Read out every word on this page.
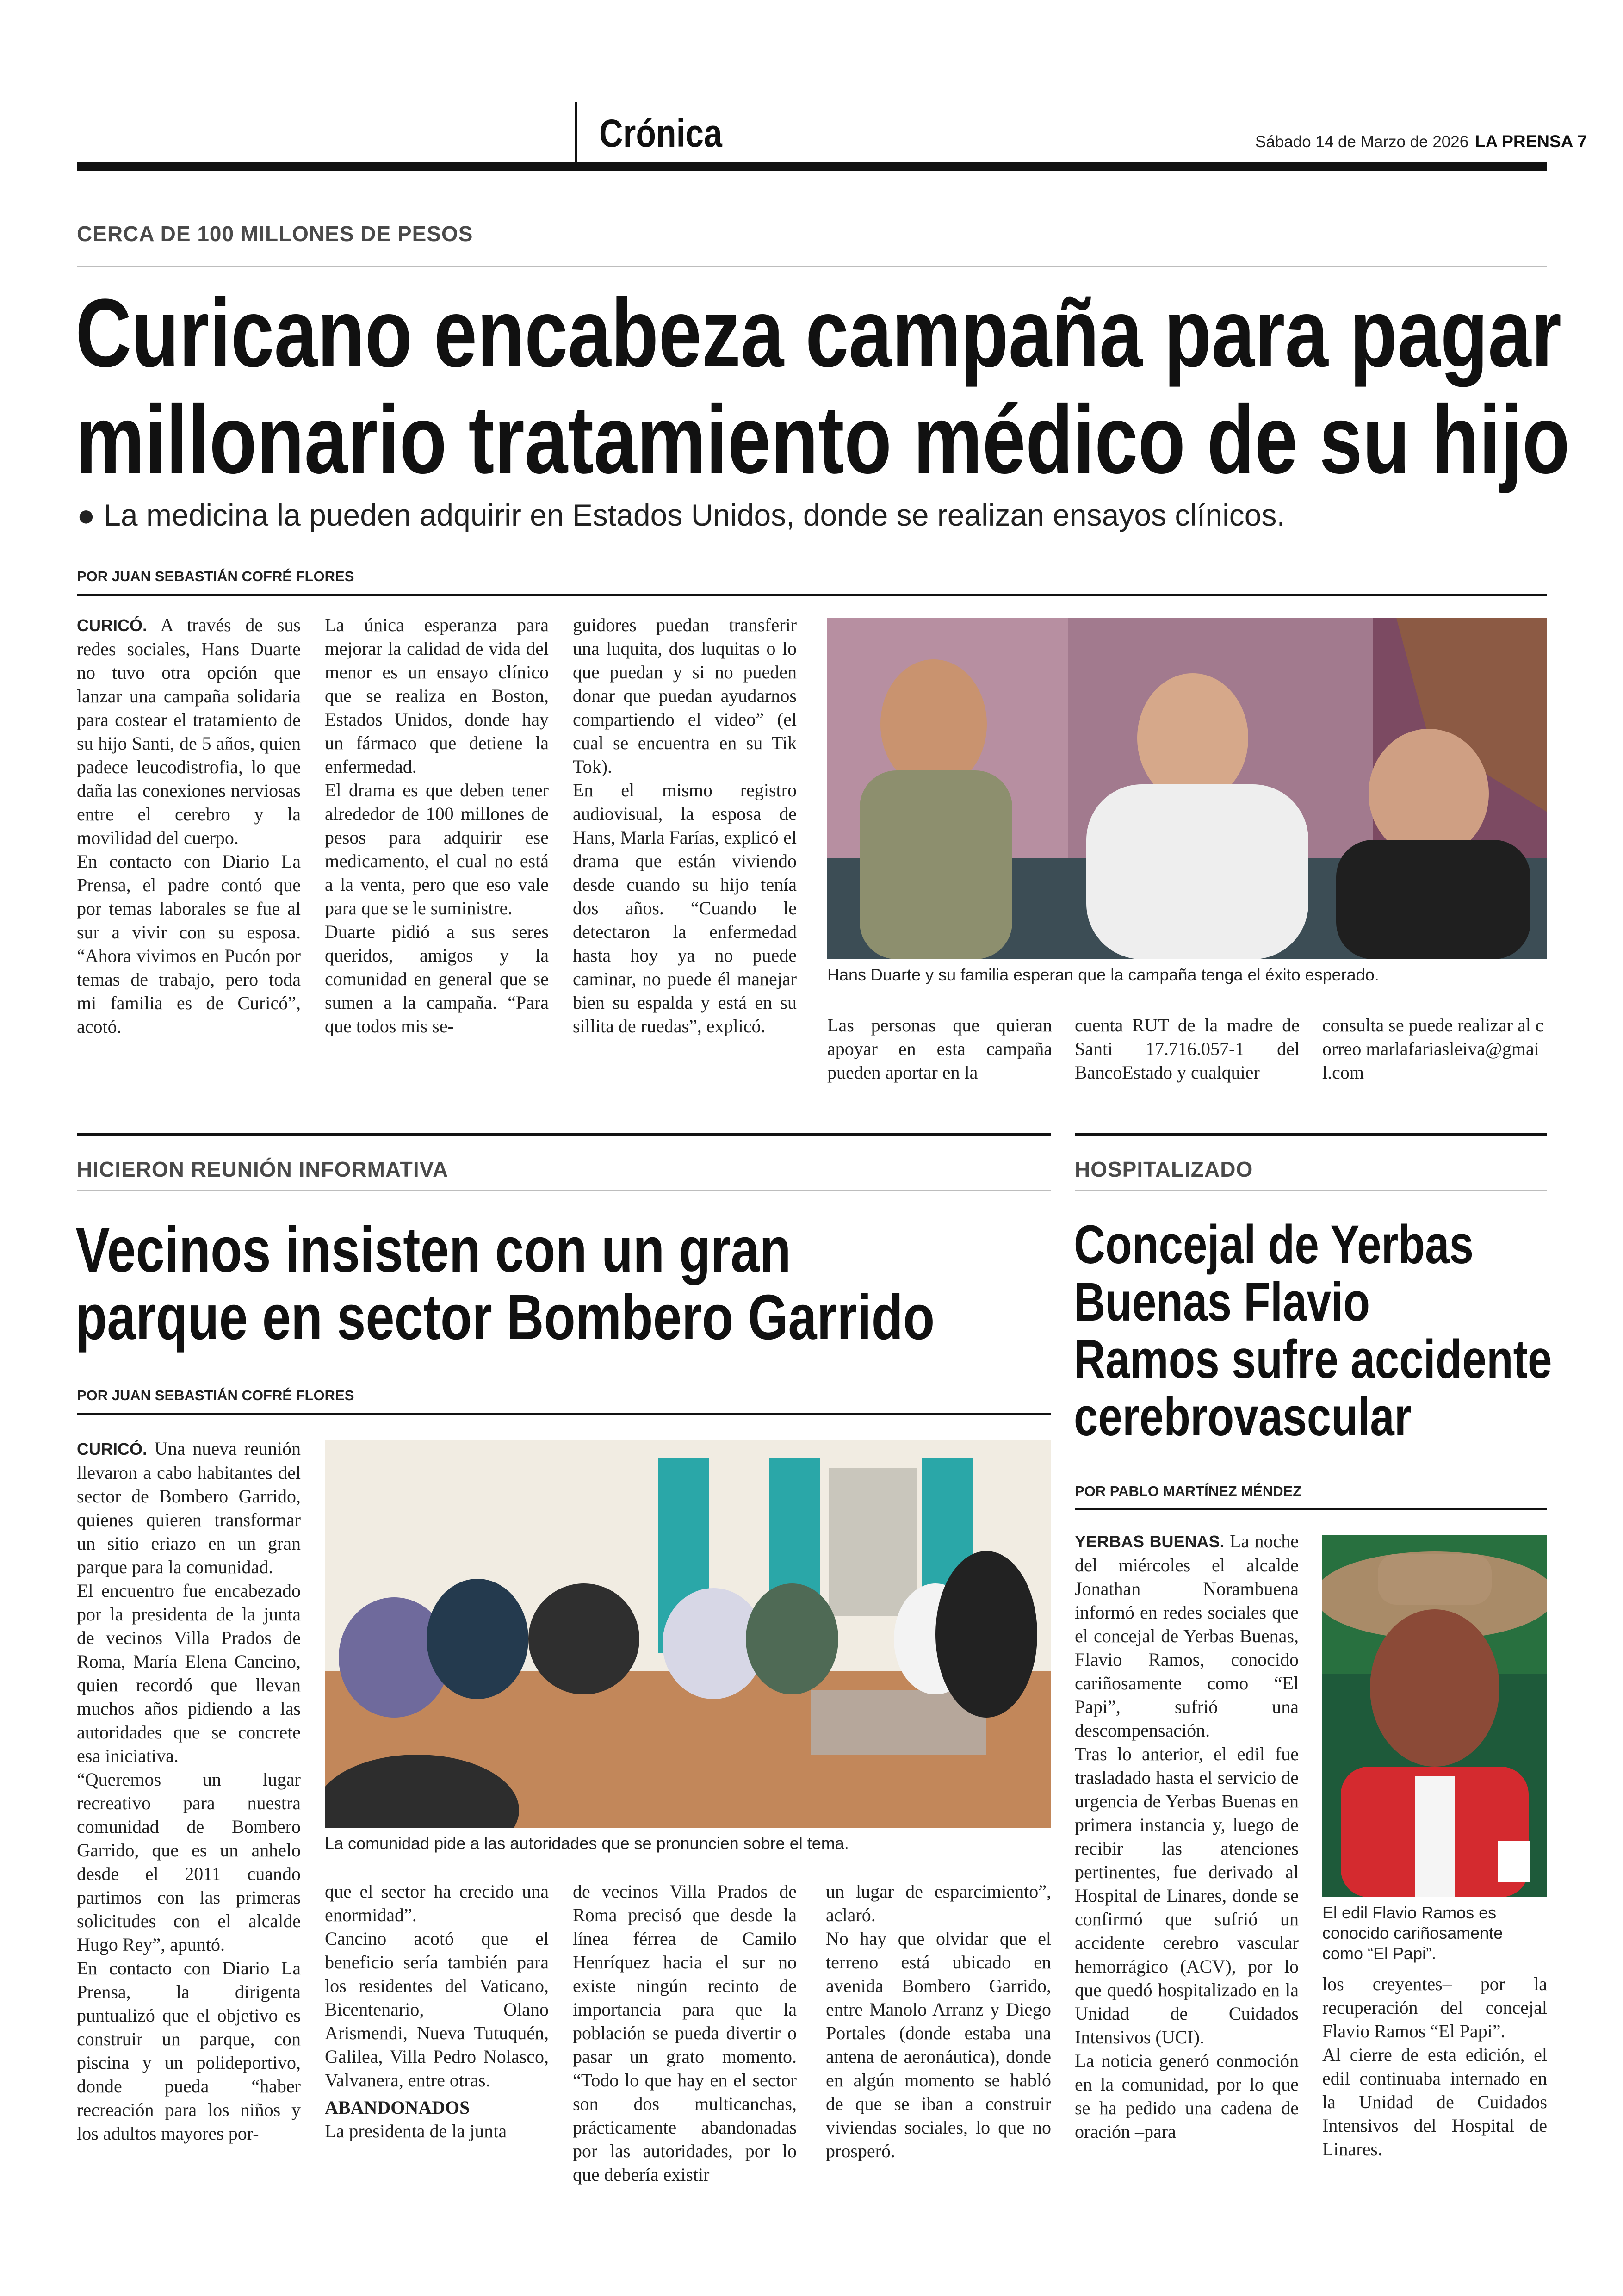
Crónica	Sábado 14 de Marzo de 2026 LA PRENSA 7
CERCA DE 100 MILLONES DE PESOS
Curicano encabeza campaña para pagar
millonario tratamiento médico de su hijo
● La medicina la pueden adquirir en Estados Unidos, donde se realizan ensayos clínicos.
POR JUAN SEBASTIÁN COFRÉ FLORES

CURICÓ. A través de sus redes sociales, Hans Duarte no tuvo otra opción que lanzar una campaña solidaria para costear el tratamiento de su hijo Santi, de 5 años, quien padece leucodistrofia, lo que daña las conexiones nerviosas entre el cerebro y la movilidad del cuerpo.

En contacto con Diario La Prensa, el padre contó que por temas laborales se fue al sur a vivir con su esposa. “Ahora vivimos en Pucón por temas de trabajo, pero toda mi familia es de Curicó”, acotó.

La única esperanza para mejorar la calidad de vida del menor es un ensayo clínico que se realiza en Boston, Estados Unidos, donde hay un fármaco que detiene la enfermedad.

El drama es que deben tener alrededor de 100 millones de pesos para adquirir ese medicamento, el cual no está a la venta, pero que eso vale para que se le suministre.

Duarte pidió a sus seres queridos, amigos y la comunidad en general que se sumen a la campaña. “Para que todos mis se-

guidores puedan transferir una luquita, dos luquitas o lo que puedan y si no pueden donar que puedan ayudarnos compartiendo el video” (el cual se encuentra en su Tik Tok).

En el mismo registro audiovisual, la esposa de Hans, Marla Farías, explicó el drama que están viviendo desde cuando su hijo tenía dos años. “Cuando le detectaron la enfermedad hasta hoy ya no puede caminar, no puede él manejar bien su espalda y está en su sillita de ruedas”, explicó.

Hans Duarte y su familia esperan que la campaña tenga el éxito esperado.
Las personas que quieran apoyar en esta campaña pueden aportar en la
cuenta RUT de la madre de Santi 17.716.057-1 del BancoEstado y cualquier
consulta se puede realizar al correo marlafariasleiva@gmail.com
HICIERON REUNIÓN INFORMATIVA
Vecinos insisten con un gran
parque en sector Bombero Garrido
POR JUAN SEBASTIÁN COFRÉ FLORES

CURICÓ. Una nueva reunión llevaron a cabo habitantes del sector de Bombero Garrido, quienes quieren transformar un sitio eriazo en un gran parque para la comunidad.

El encuentro fue encabezado por la presidenta de la junta de vecinos Villa Prados de Roma, María Elena Cancino, quien recordó que llevan muchos años pidiendo a las autoridades que se concrete esa iniciativa.

“Queremos un lugar recreativo para nuestra comunidad de Bombero Garrido, que es un anhelo desde el 2011 cuando partimos con las primeras solicitudes con el alcalde Hugo Rey”, apuntó.

En contacto con Diario La Prensa, la dirigenta puntualizó que el objetivo es construir un parque, con piscina y un polideportivo, donde pueda “haber recreación para los niños y los adultos mayores por-

La comunidad pide a las autoridades que se pronuncien sobre el tema.

que el sector ha crecido una enormidad”.

Cancino acotó que el beneficio sería también para los residentes del Vaticano, Bicentenario, Olano Arismendi, Nueva Tutuquén, Galilea, Villa Pedro Nolasco, Valvanera, entre otras.

ABANDONADOS

La presidenta de la junta

de vecinos Villa Prados de Roma precisó que desde la línea férrea de Camilo Henríquez hacia el sur no existe ningún recinto de importancia para que la población se pueda divertir o pasar un grato momento. “Todo lo que hay en el sector son dos multicanchas, prácticamente abandonadas por las autoridades, por lo que debería existir

un lugar de esparcimiento”, aclaró.

No hay que olvidar que el terreno está ubicado en avenida Bombero Garrido, entre Manolo Arranz y Diego Portales (donde estaba una antena de aeronáutica), donde en algún momento se habló de que se iban a construir viviendas sociales, lo que no prosperó.

HOSPITALIZADO
Concejal de Yerbas
Buenas Flavio
Ramos sufre accidente
cerebrovascular
POR PABLO MARTÍNEZ MÉNDEZ

YERBAS BUENAS. La noche del miércoles el alcalde Jonathan Norambuena informó en redes sociales que el concejal de Yerbas Buenas, Flavio Ramos, conocido cariñosamente como “El Papi”, sufrió una descompensación.

Tras lo anterior, el edil fue trasladado hasta el servicio de urgencia de Yerbas Buenas en primera instancia y, luego de recibir las atenciones pertinentes, fue derivado al Hospital de Linares, donde se confirmó que sufrió un accidente cerebro vascular hemorrágico (ACV), por lo que quedó hospitalizado en la Unidad de Cuidados Intensivos (UCI).

La noticia generó conmoción en la comunidad, por lo que se ha pedido una cadena de oración –para

El edil Flavio Ramos es conocido cariñosamente como “El Papi”.

los creyentes– por la recuperación del concejal Flavio Ramos “El Papi”.

Al cierre de esta edición, el edil continuaba internado en la Unidad de Cuidados Intensivos del Hospital de Linares.
